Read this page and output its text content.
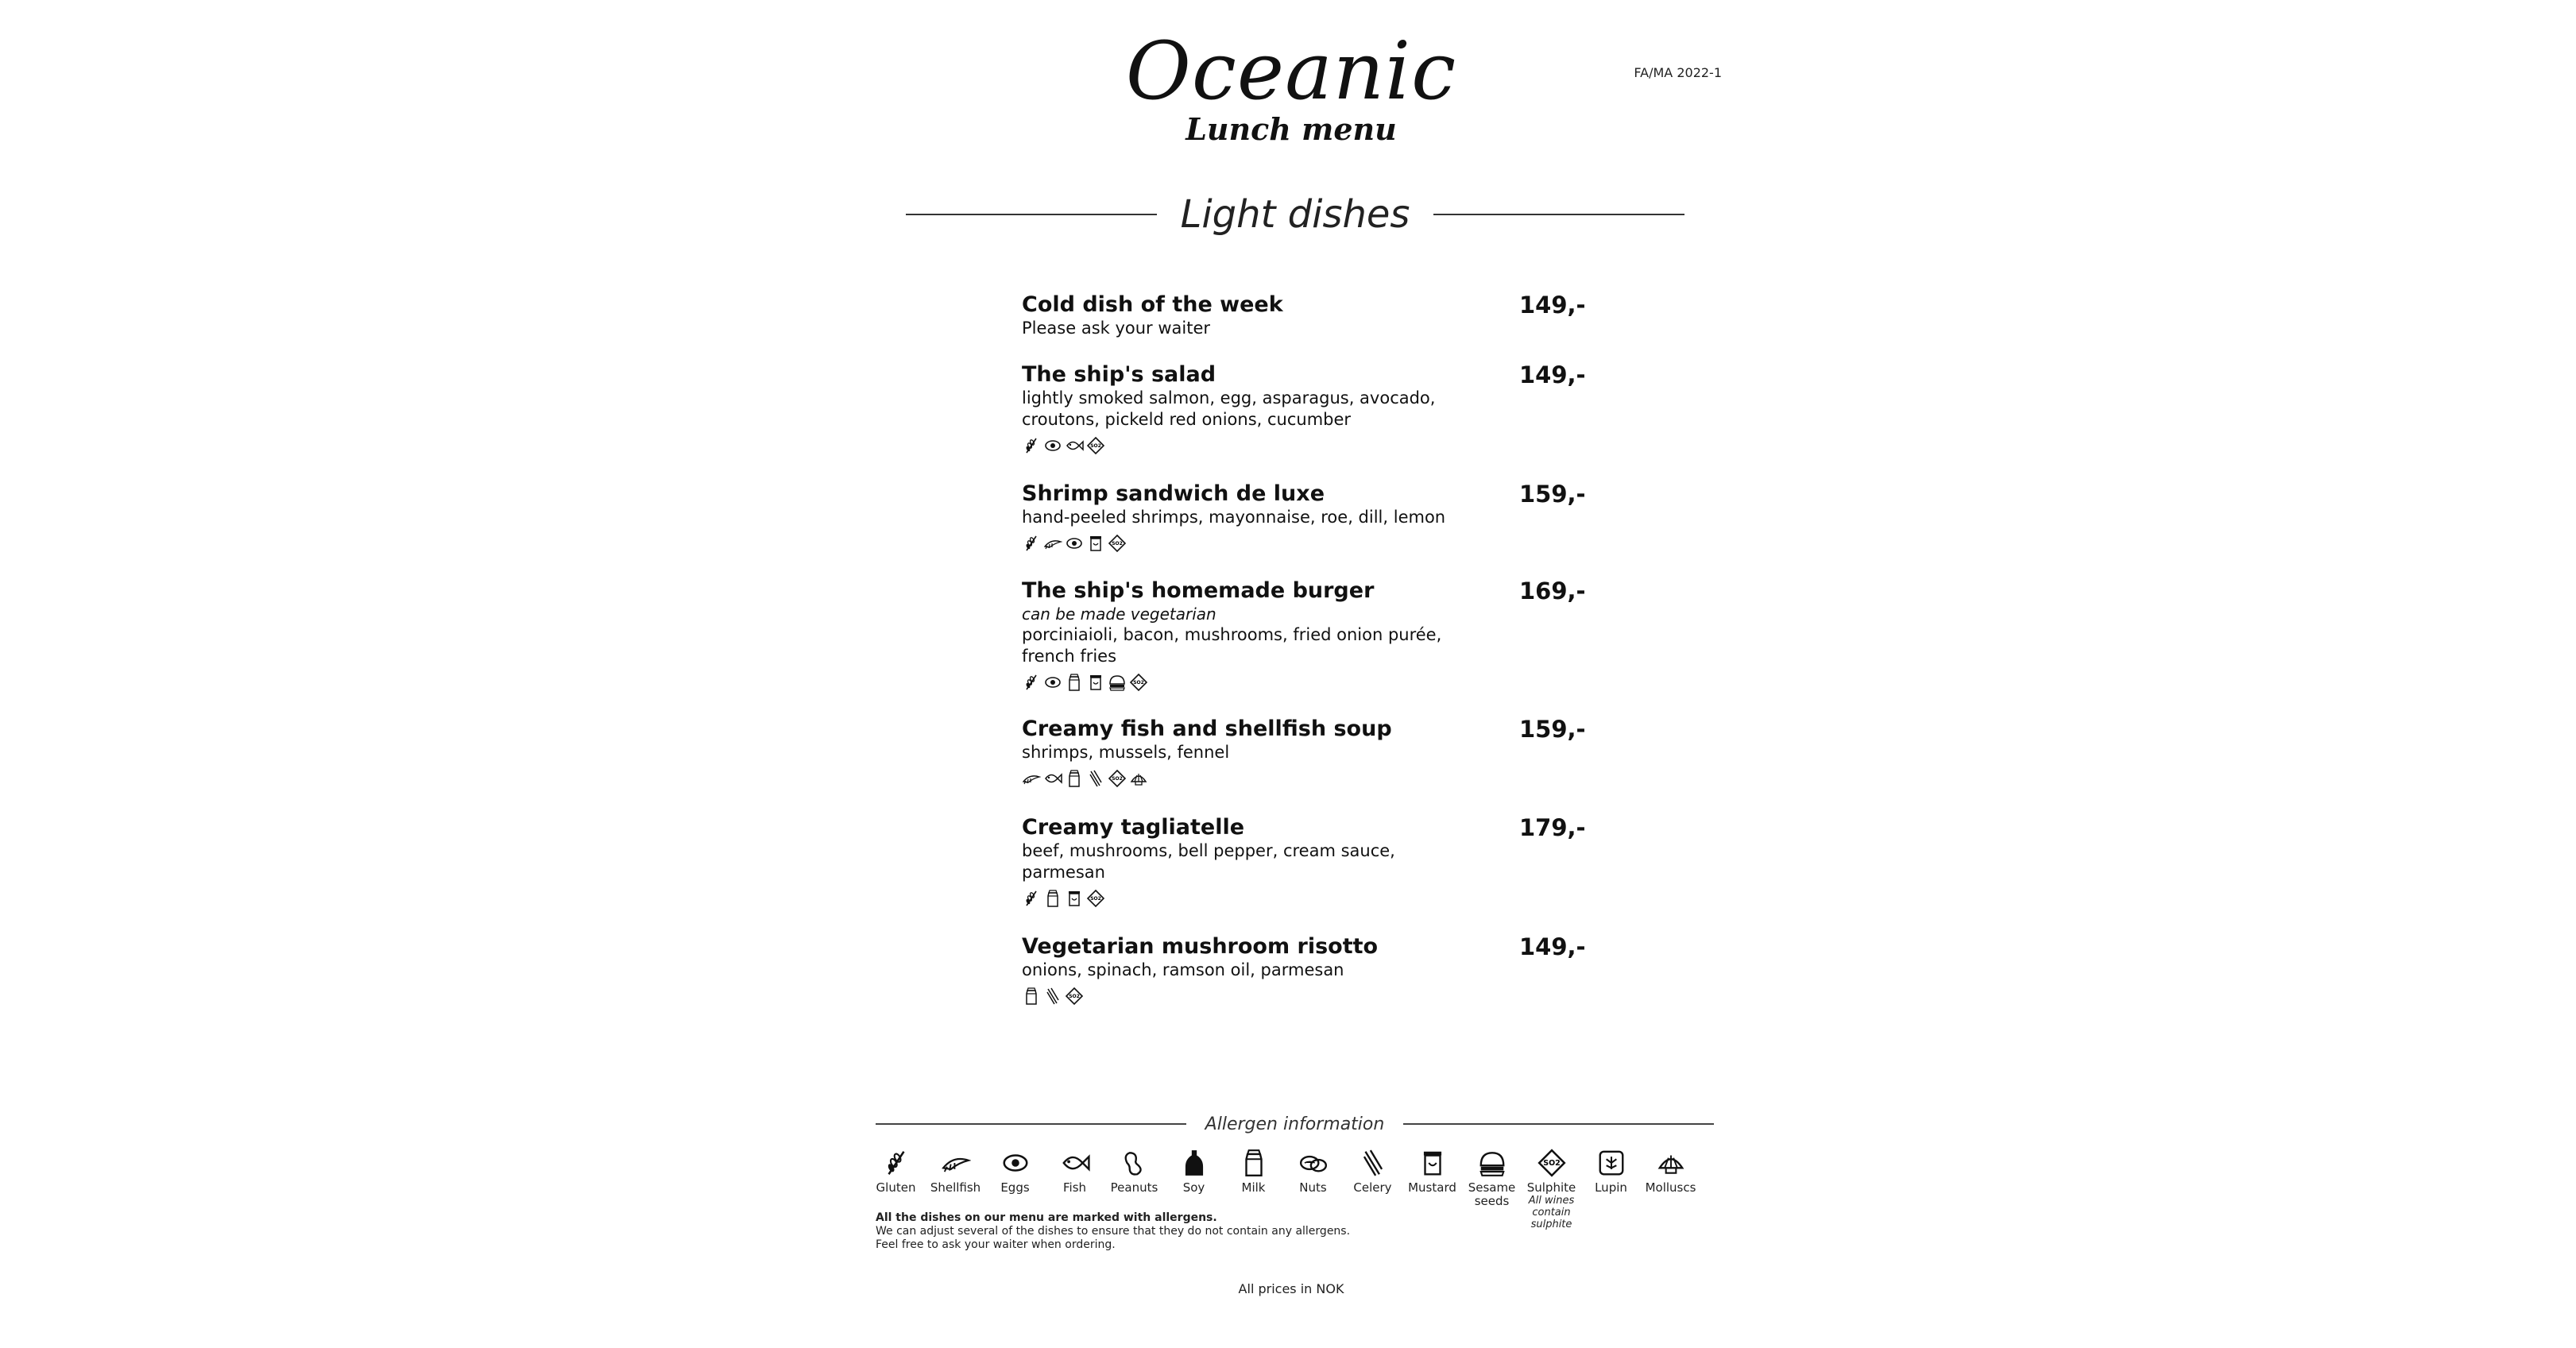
Oceanic
Lunch menu
FA/MA 2022-1
Light dishes
Cold dish of the week	149,-
Please ask your waiter
The ship's salad	149,-
lightly smoked salmon, egg, asparagus, avocado, croutons, pickeld red onions, cucumber
SO2
Shrimp sandwich de luxe	159,-
hand-peeled shrimps, mayonnaise, roe, dill, lemon
SO2
The ship's homemade burger	169,-
can be made vegetarian
porciniaioli, bacon, mushrooms, fried onion purée, french fries
SO2
Creamy fish and shellfish soup	159,-
shrimps, mussels, fennel
SO2
Creamy tagliatelle	179,-
beef, mushrooms, bell pepper, cream sauce, parmesan
SO2
Vegetarian mushroom risotto	149,-
onions, spinach, ramson oil, parmesan
SO2
Allergen information
Gluten Shellfish Eggs	Fish Peanuts Soy	Milk	Nuts Celery Mustard Sesame seeds
SO2
Sulphite
All wines contain sulphite
Lupin Molluscs
All the dishes on our menu are marked with allergens.
We can adjust several of the dishes to ensure that they do not contain any allergens.
Feel free to ask your waiter when ordering.
All prices in NOK
